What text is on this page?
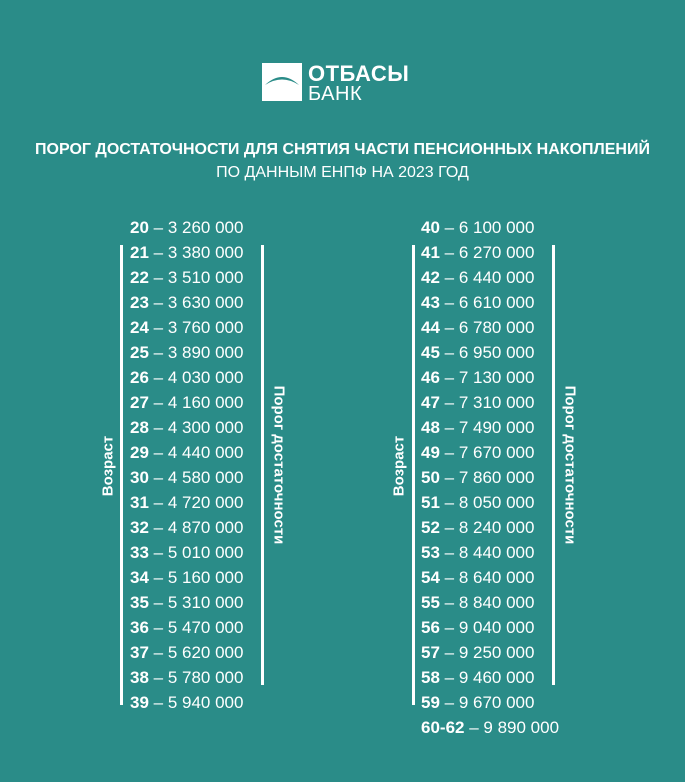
ОТБАСЫ
БАНК
ПОРОГ ДОСТАТОЧНОСТИ ДЛЯ СНЯТИЯ ЧАСТИ ПЕНСИОННЫХ НАКОПЛЕНИЙ
ПО ДАННЫМ ЕНПФ НА 2023 ГОД
20 – 3 260 000
21 – 3 380 000
22 – 3 510 000
23 – 3 630 000
24 – 3 760 000
25 – 3 890 000
26 – 4 030 000
27 – 4 160 000
28 – 4 300 000
29 – 4 440 000
30 – 4 580 000
31 – 4 720 000
32 – 4 870 000
33 – 5 010 000
34 – 5 160 000
35 – 5 310 000
36 – 5 470 000
37 – 5 620 000
38 – 5 780 000
39 – 5 940 000
40 – 6 100 000
41 – 6 270 000
42 – 6 440 000
43 – 6 610 000
44 – 6 780 000
45 – 6 950 000
46 – 7 130 000
47 – 7 310 000
48 – 7 490 000
49 – 7 670 000
50 – 7 860 000
51 – 8 050 000
52 – 8 240 000
53 – 8 440 000
54 – 8 640 000
55 – 8 840 000
56 – 9 040 000
57 – 9 250 000
58 – 9 460 000
59 – 9 670 000
60-62 – 9 890 000
Возраст	Порог достаточности	Возраст	Порог достаточности
